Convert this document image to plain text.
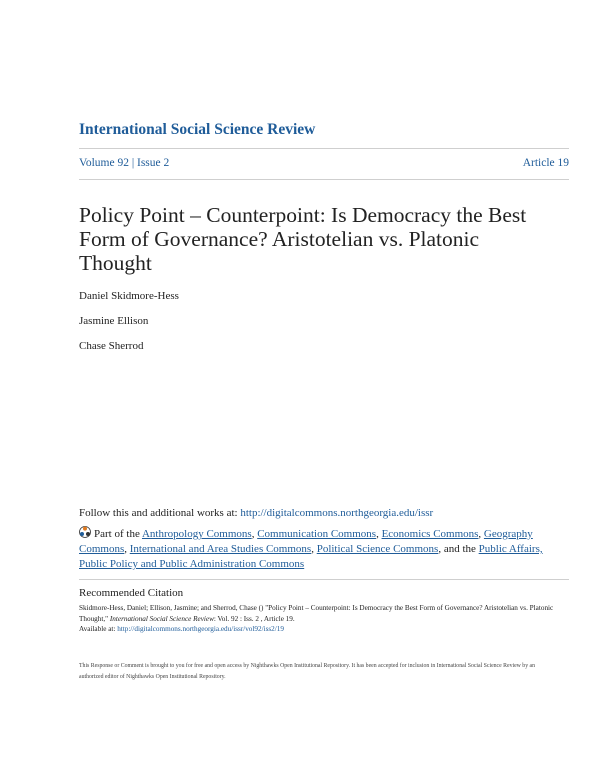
International Social Science Review
Volume 92 | Issue 2	Article 19
Policy Point – Counterpoint: Is Democracy the Best Form of Governance? Aristotelian vs. Platonic Thought
Daniel Skidmore-Hess
Jasmine Ellison
Chase Sherrod
Follow this and additional works at: http://digitalcommons.northgeorgia.edu/issr
Part of the Anthropology Commons, Communication Commons, Economics Commons, Geography Commons, International and Area Studies Commons, Political Science Commons, and the Public Affairs, Public Policy and Public Administration Commons
Recommended Citation
Skidmore-Hess, Daniel; Ellison, Jasmine; and Sherrod, Chase () "Policy Point – Counterpoint: Is Democracy the Best Form of Governance? Aristotelian vs. Platonic Thought," International Social Science Review: Vol. 92 : Iss. 2 , Article 19.
Available at: http://digitalcommons.northgeorgia.edu/issr/vol92/iss2/19
This Response or Comment is brought to you for free and open access by Nighthawks Open Institutional Repository. It has been accepted for inclusion in International Social Science Review by an authorized editor of Nighthawks Open Institutional Repository.
